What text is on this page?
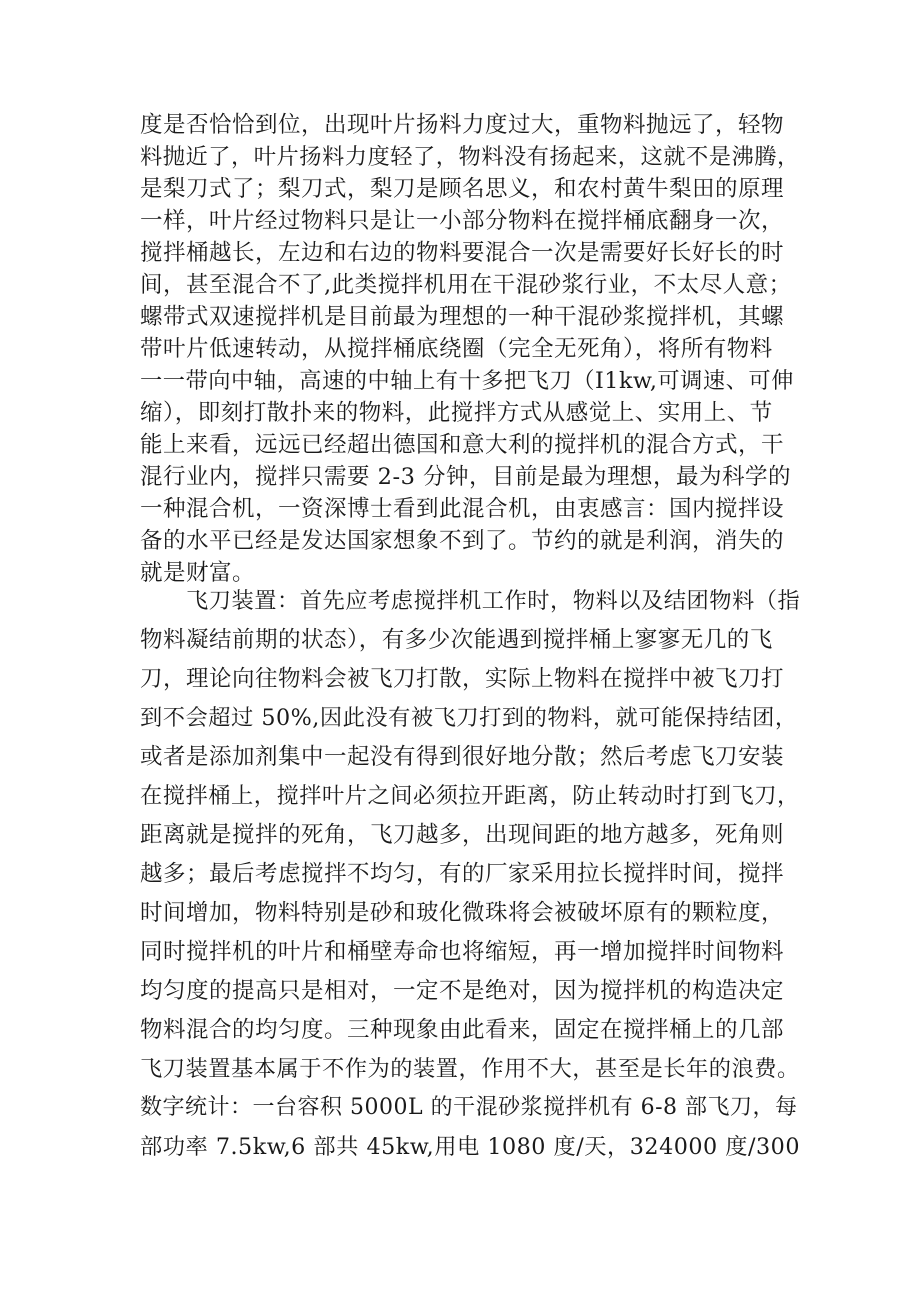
度是否恰恰到位，出现叶片扬料力度过大，重物料抛远了，轻物
料抛近了，叶片扬料力度轻了，物料没有扬起来，这就不是沸腾，
是梨刀式了；梨刀式，梨刀是顾名思义，和农村黄牛梨田的原理
一样，叶片经过物料只是让一小部分物料在搅拌桶底翻身一次，
搅拌桶越长，左边和右边的物料要混合一次是需要好长好长的时
间，甚至混合不了,此类搅拌机用在干混砂浆行业，不太尽人意；
螺带式双速搅拌机是目前最为理想的一种干混砂浆搅拌机，其螺
带叶片低速转动，从搅拌桶底绕圈（完全无死角），将所有物料
一一带向中轴，高速的中轴上有十多把飞刀（I1kw,可调速、可伸
缩），即刻打散扑来的物料，此搅拌方式从感觉上、实用上、节
能上来看，远远已经超出德国和意大利的搅拌机的混合方式，干
混行业内，搅拌只需要 2-3 分钟，目前是最为理想，最为科学的
一种混合机，一资深博士看到此混合机，由衷感言：国内搅拌设
备的水平已经是发达国家想象不到了。节约的就是利润，消失的
就是财富。
飞刀装置：首先应考虑搅拌机工作时，物料以及结团物料（指
物料凝结前期的状态），有多少次能遇到搅拌桶上寥寥无几的飞
刀，理论向往物料会被飞刀打散，实际上物料在搅拌中被飞刀打
到不会超过 50%,因此没有被飞刀打到的物料，就可能保持结团，
或者是添加剂集中一起没有得到很好地分散；然后考虑飞刀安装
在搅拌桶上，搅拌叶片之间必须拉开距离，防止转动时打到飞刀，
距离就是搅拌的死角，飞刀越多，出现间距的地方越多，死角则
越多；最后考虑搅拌不均匀，有的厂家采用拉长搅拌时间，搅拌
时间增加，物料特别是砂和玻化微珠将会被破坏原有的颗粒度，
同时搅拌机的叶片和桶壁寿命也将缩短，再一增加搅拌时间物料
均匀度的提高只是相对，一定不是绝对，因为搅拌机的构造决定
物料混合的均匀度。三种现象由此看来，固定在搅拌桶上的几部
飞刀装置基本属于不作为的装置，作用不大，甚至是长年的浪费。
数字统计：一台容积 5000L 的干混砂浆搅拌机有 6-8 部飞刀，每
部功率 7.5kw,6 部共 45kw,用电 1080 度/天，324000 度/300
